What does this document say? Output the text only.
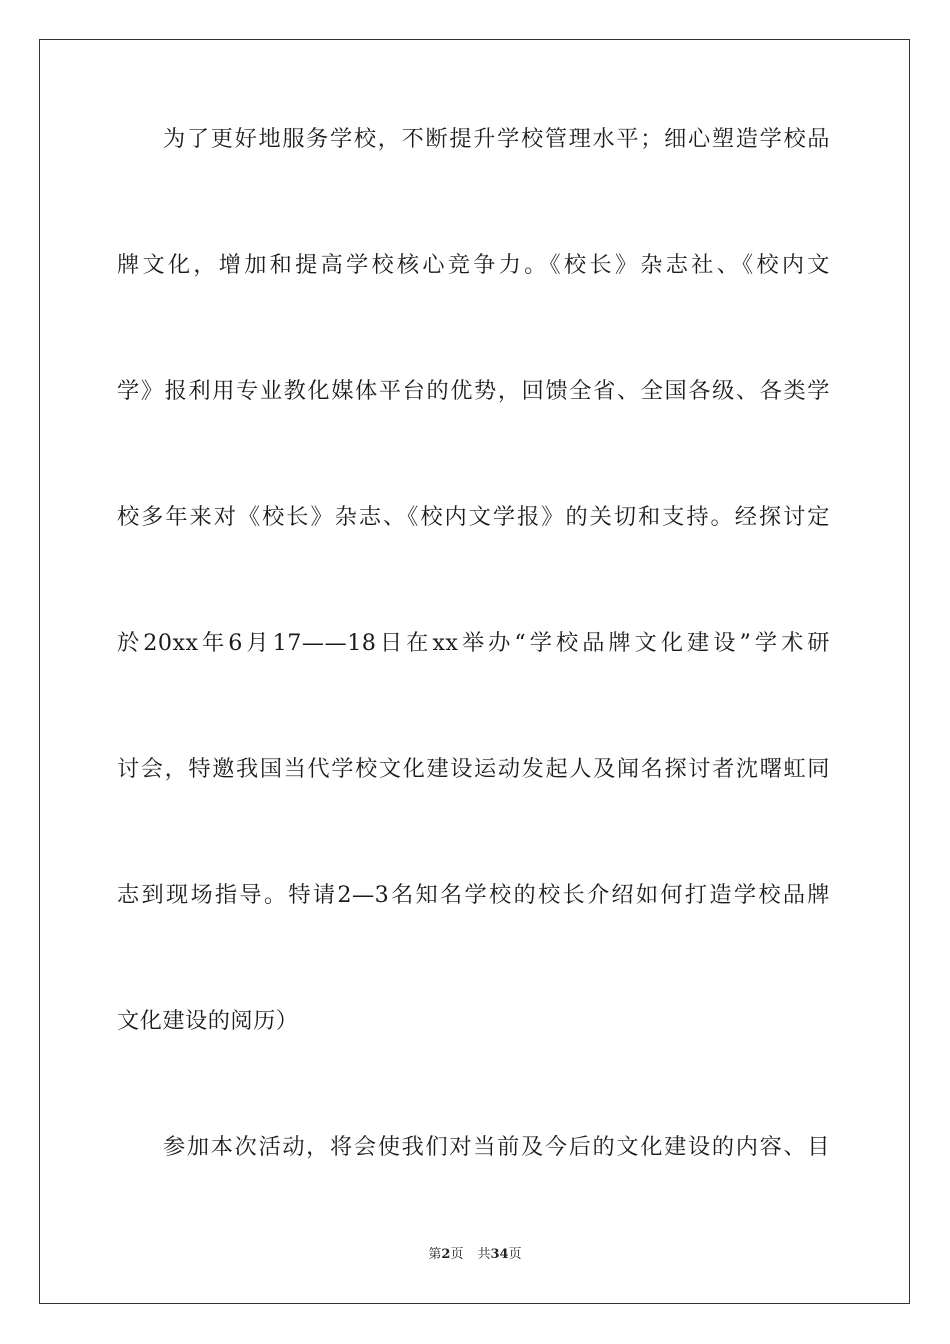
为了更好地服务学校，不断提升学校管理水平；细心塑造学校品
牌文化，增加和提高学校核心竞争力。《校长》杂志社、《校内文
学》报利用专业教化媒体平台的优势，回馈全省、全国各级、各类学
校多年来对《校长》杂志、《校内文学报》的关切和支持。经探讨定
於20xx年6月17——18日在xx举办“学校品牌文化建设”学术研
讨会，特邀我国当代学校文化建设运动发起人及闻名探讨者沈曙虹同
志到现场指导。特请2—3名知名学校的校长介绍如何打造学校品牌
文化建设的阅历）
参加本次活动，将会使我们对当前及今后的文化建设的内容、目
第2页 共34页
